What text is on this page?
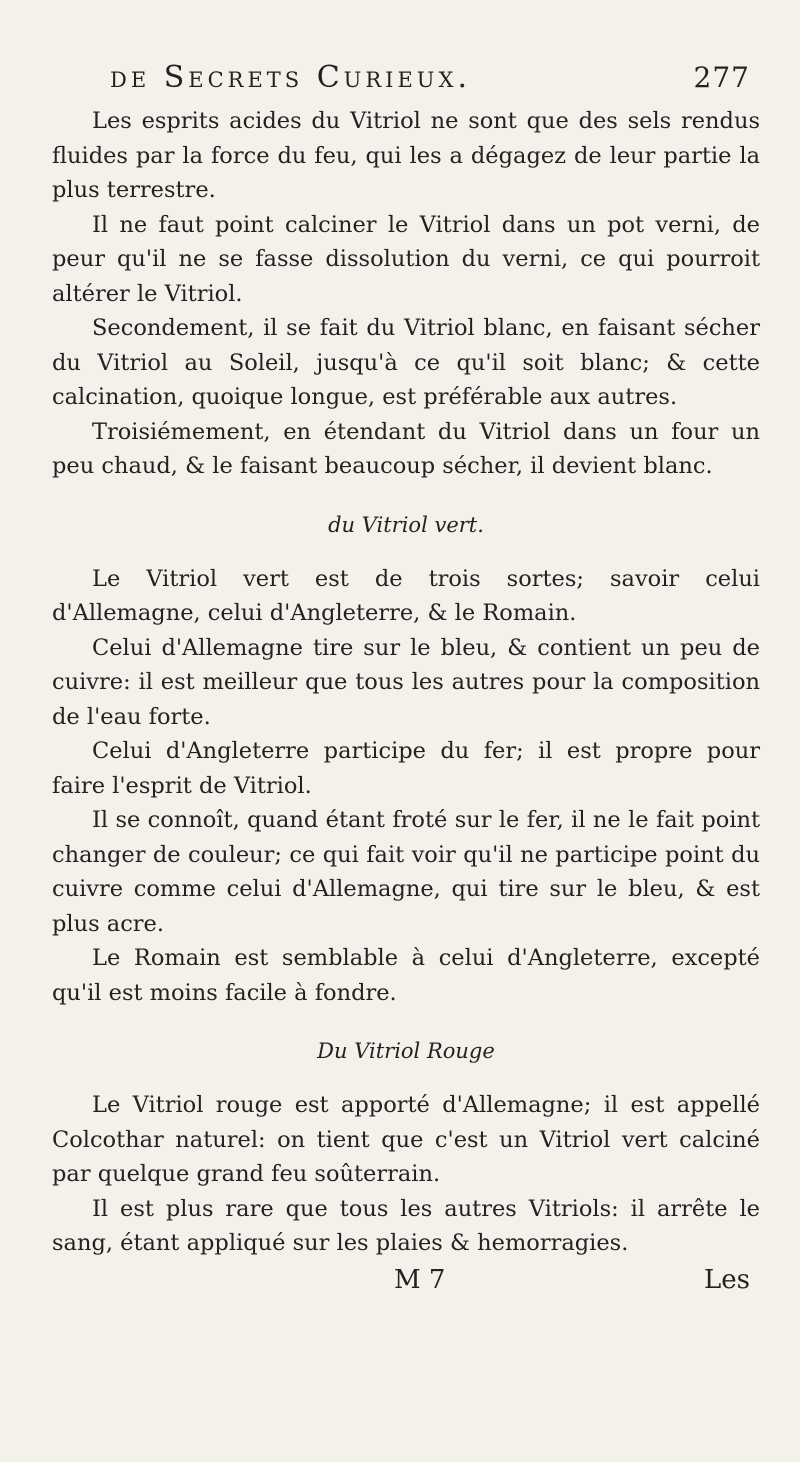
de Secrets Curieux.	277

Les esprits acides du Vitriol ne sont que des sels rendus fluides par la force du feu, qui les a dégagez de leur partie la plus terrestre.

Il ne faut point calciner le Vitriol dans un pot verni, de peur qu'il ne se fasse dissolution du verni, ce qui pourroit altérer le Vitriol.

Secondement, il se fait du Vitriol blanc, en faisant sécher du Vitriol au Soleil, jusqu'à ce qu'il soit blanc; & cette calcination, quoique longue, est préférable aux autres.

Troisiémement, en étendant du Vitriol dans un four un peu chaud, & le faisant beaucoup sécher, il devient blanc.

du Vitriol vert.

Le Vitriol vert est de trois sortes; savoir celui d'Allemagne, celui d'Angleterre, & le Romain.

Celui d'Allemagne tire sur le bleu, & contient un peu de cuivre: il est meilleur que tous les autres pour la composition de l'eau forte.

Celui d'Angleterre participe du fer; il est propre pour faire l'esprit de Vitriol.

Il se connoît, quand étant froté sur le fer, il ne le fait point changer de couleur; ce qui fait voir qu'il ne participe point du cuivre comme celui d'Allemagne, qui tire sur le bleu, & est plus acre.

Le Romain est semblable à celui d'Angleterre, excepté qu'il est moins facile à fondre.

Du Vitriol Rouge

Le Vitriol rouge est apporté d'Allemagne; il est appellé Colcothar naturel: on tient que c'est un Vitriol vert calciné par quelque grand feu soûterrain.

Il est plus rare que tous les autres Vitriols: il arrête le sang, étant appliqué sur les plaies & hemorragies.

M 7	Les
